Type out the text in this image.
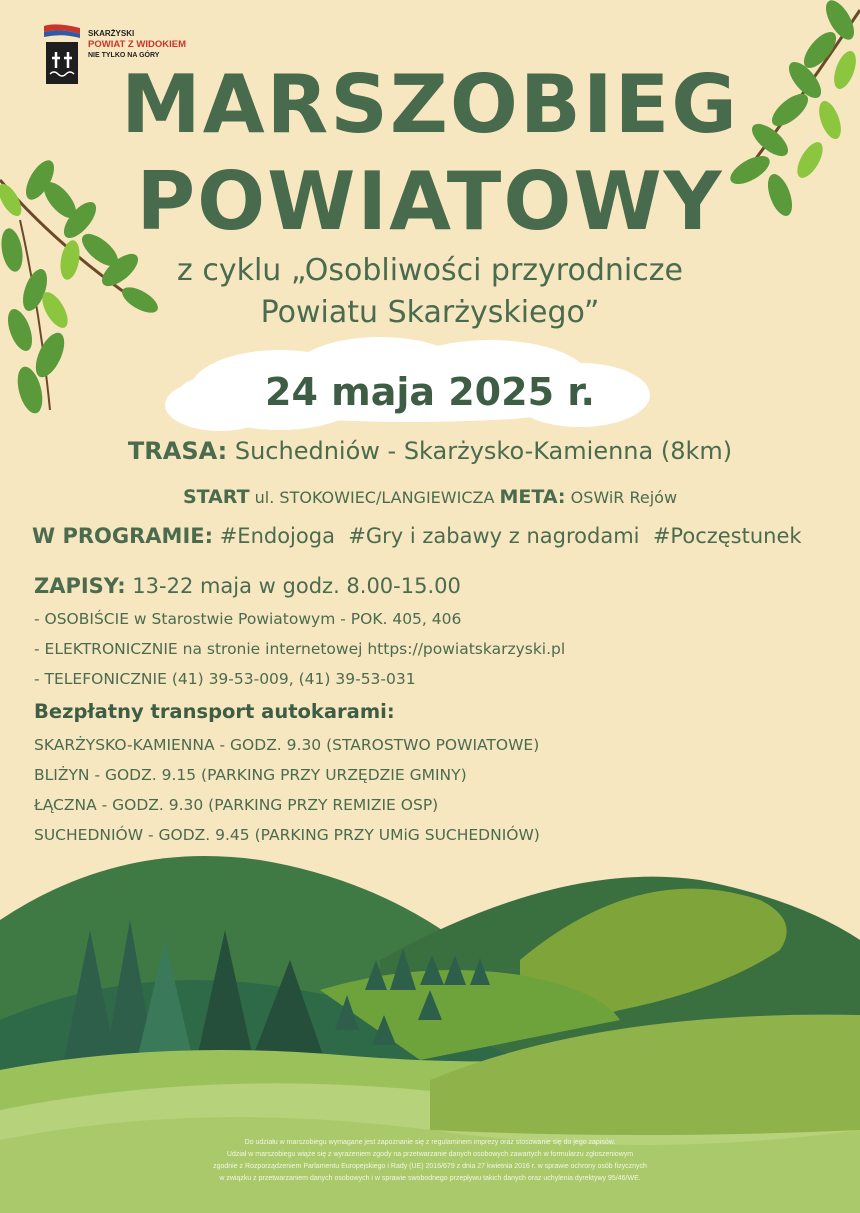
SKARŻYSKI
POWIAT Z WIDOKIEM
NIE TYLKO NA GÓRY
MARSZOBIEG
POWIATOWY
z cyklu „Osobliwości przyrodnicze
Powiatu Skarżyskiego”
24 maja 2025 r.
TRASA: Suchedniów - Skarżysko-Kamienna (8km)
START ul. STOKOWIEC/LANGIEWICZA META: OSWiR Rejów
W PROGRAMIE: #Endojoga  #Gry i zabawy z nagrodami  #Poczęstunek
ZAPISY: 13-22 maja w godz. 8.00-15.00
- OSOBIŚCIE w Starostwie Powiatowym - POK. 405, 406
- ELEKTRONICZNIE na stronie internetowej https://powiatskarzyski.pl
- TELEFONICZNIE (41) 39-53-009, (41) 39-53-031
Bezpłatny transport autokarami:
SKARŻYSKO-KAMIENNA - GODZ. 9.30 (STAROSTWO POWIATOWE)
BLIŻYN - GODZ. 9.15 (PARKING PRZY URZĘDZIE GMINY)
ŁĄCZNA - GODZ. 9.30 (PARKING PRZY REMIZIE OSP)
SUCHEDNIÓW - GODZ. 9.45 (PARKING PRZY UMiG SUCHEDNIÓW)
Do udziału w marszobiegu wymagane jest zapoznanie się z regulaminem imprezy oraz stosowanie się do jego zapisów.
Udział w marszobiegu wiąże się z wyrażeniem zgody na przetwarzanie danych osobowych zawartych w formularzu zgłoszeniowym
zgodnie z Rozporządzeniem Parlamentu Europejskiego i Rady (UE) 2016/679 z dnia 27 kwietnia 2016 r. w sprawie ochrony osób fizycznych
w związku z przetwarzaniem danych osobowych i w sprawie swobodnego przepływu takich danych oraz uchylenia dyrektywy 95/46/WE.
